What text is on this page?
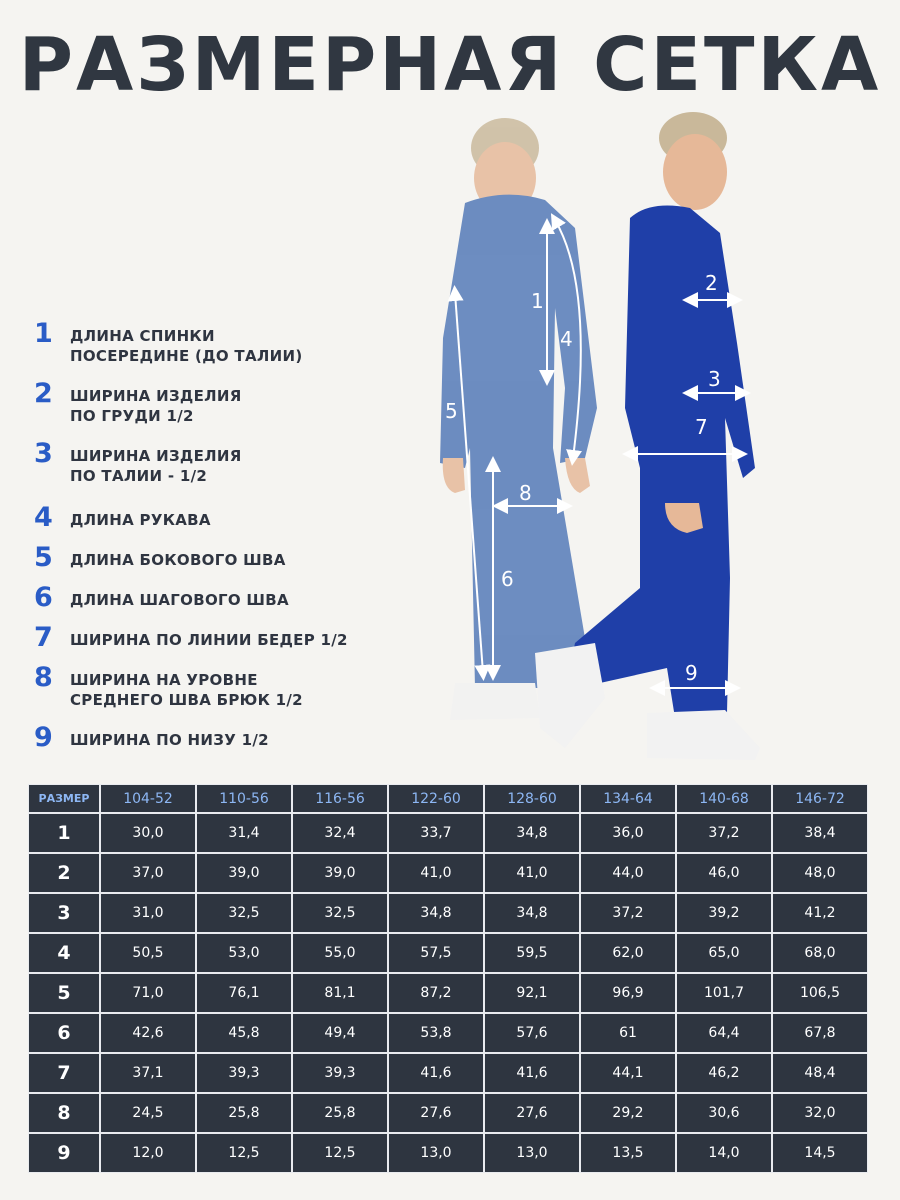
РАЗМЕРНАЯ СЕТКА
1	ДЛИНА СПИНКИ
ПОСЕРЕДИНЕ (ДО ТАЛИИ)
2	ШИРИНА ИЗДЕЛИЯ
ПО ГРУДИ 1/2
3	ШИРИНА ИЗДЕЛИЯ
ПО ТАЛИИ - 1/2
4	ДЛИНА РУКАВА
5	ДЛИНА БОКОВОГО ШВА
6	ДЛИНА ШАГОВОГО ШВА
7	ШИРИНА ПО ЛИНИИ БЕДЕР 1/2
8	ШИРИНА НА УРОВНЕ
СРЕДНЕГО ШВА БРЮК 1/2
9	ШИРИНА ПО НИЗУ 1/2
1
2
3
4
5
6
7
8
9
РАЗМЕР	104-52	110-56	116-56	122-60	128-60	134-64	140-68	146-72
1	30,0	31,4	32,4	33,7	34,8	36,0	37,2	38,4
2	37,0	39,0	39,0	41,0	41,0	44,0	46,0	48,0
3	31,0	32,5	32,5	34,8	34,8	37,2	39,2	41,2
4	50,5	53,0	55,0	57,5	59,5	62,0	65,0	68,0
5	71,0	76,1	81,1	87,2	92,1	96,9	101,7	106,5
6	42,6	45,8	49,4	53,8	57,6	61	64,4	67,8
7	37,1	39,3	39,3	41,6	41,6	44,1	46,2	48,4
8	24,5	25,8	25,8	27,6	27,6	29,2	30,6	32,0
9	12,0	12,5	12,5	13,0	13,0	13,5	14,0	14,5
